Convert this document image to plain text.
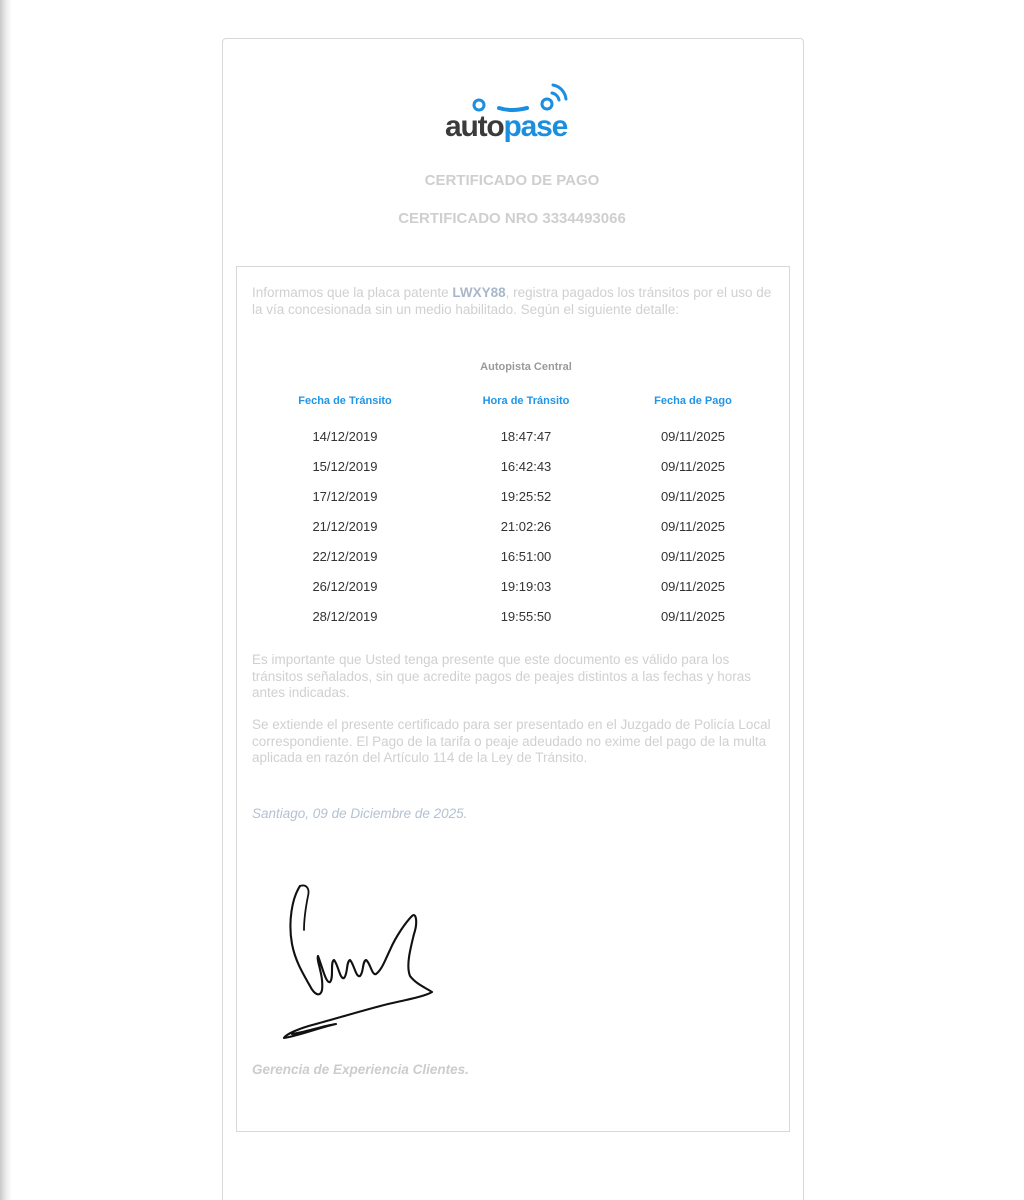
autopase
CERTIFICADO DE PAGO
CERTIFICADO NRO 3334493066
Informamos que la placa patente LWXY88, registra pagados los tránsitos por el uso de la vía concesionada sin un medio habilitado. Según el siguiente detalle:
Autopista Central
Fecha de Tránsito	Hora de Tránsito	Fecha de Pago
14/12/2019	18:47:47	09/11/2025
15/12/2019	16:42:43	09/11/2025
17/12/2019	19:25:52	09/11/2025
21/12/2019	21:02:26	09/11/2025
22/12/2019	16:51:00	09/11/2025
26/12/2019	19:19:03	09/11/2025
28/12/2019	19:55:50	09/11/2025
Es importante que Usted tenga presente que este documento es válido para los tránsitos señalados, sin que acredite pagos de peajes distintos a las fechas y horas antes indicadas.
Se extiende el presente certificado para ser presentado en el Juzgado de Policía Local correspondiente. El Pago de la tarifa o peaje adeudado no exime del pago de la multa aplicada en razón del Artículo 114 de la Ley de Tránsito.
Santiago, 09 de Diciembre de 2025.
Gerencia de Experiencia Clientes.
